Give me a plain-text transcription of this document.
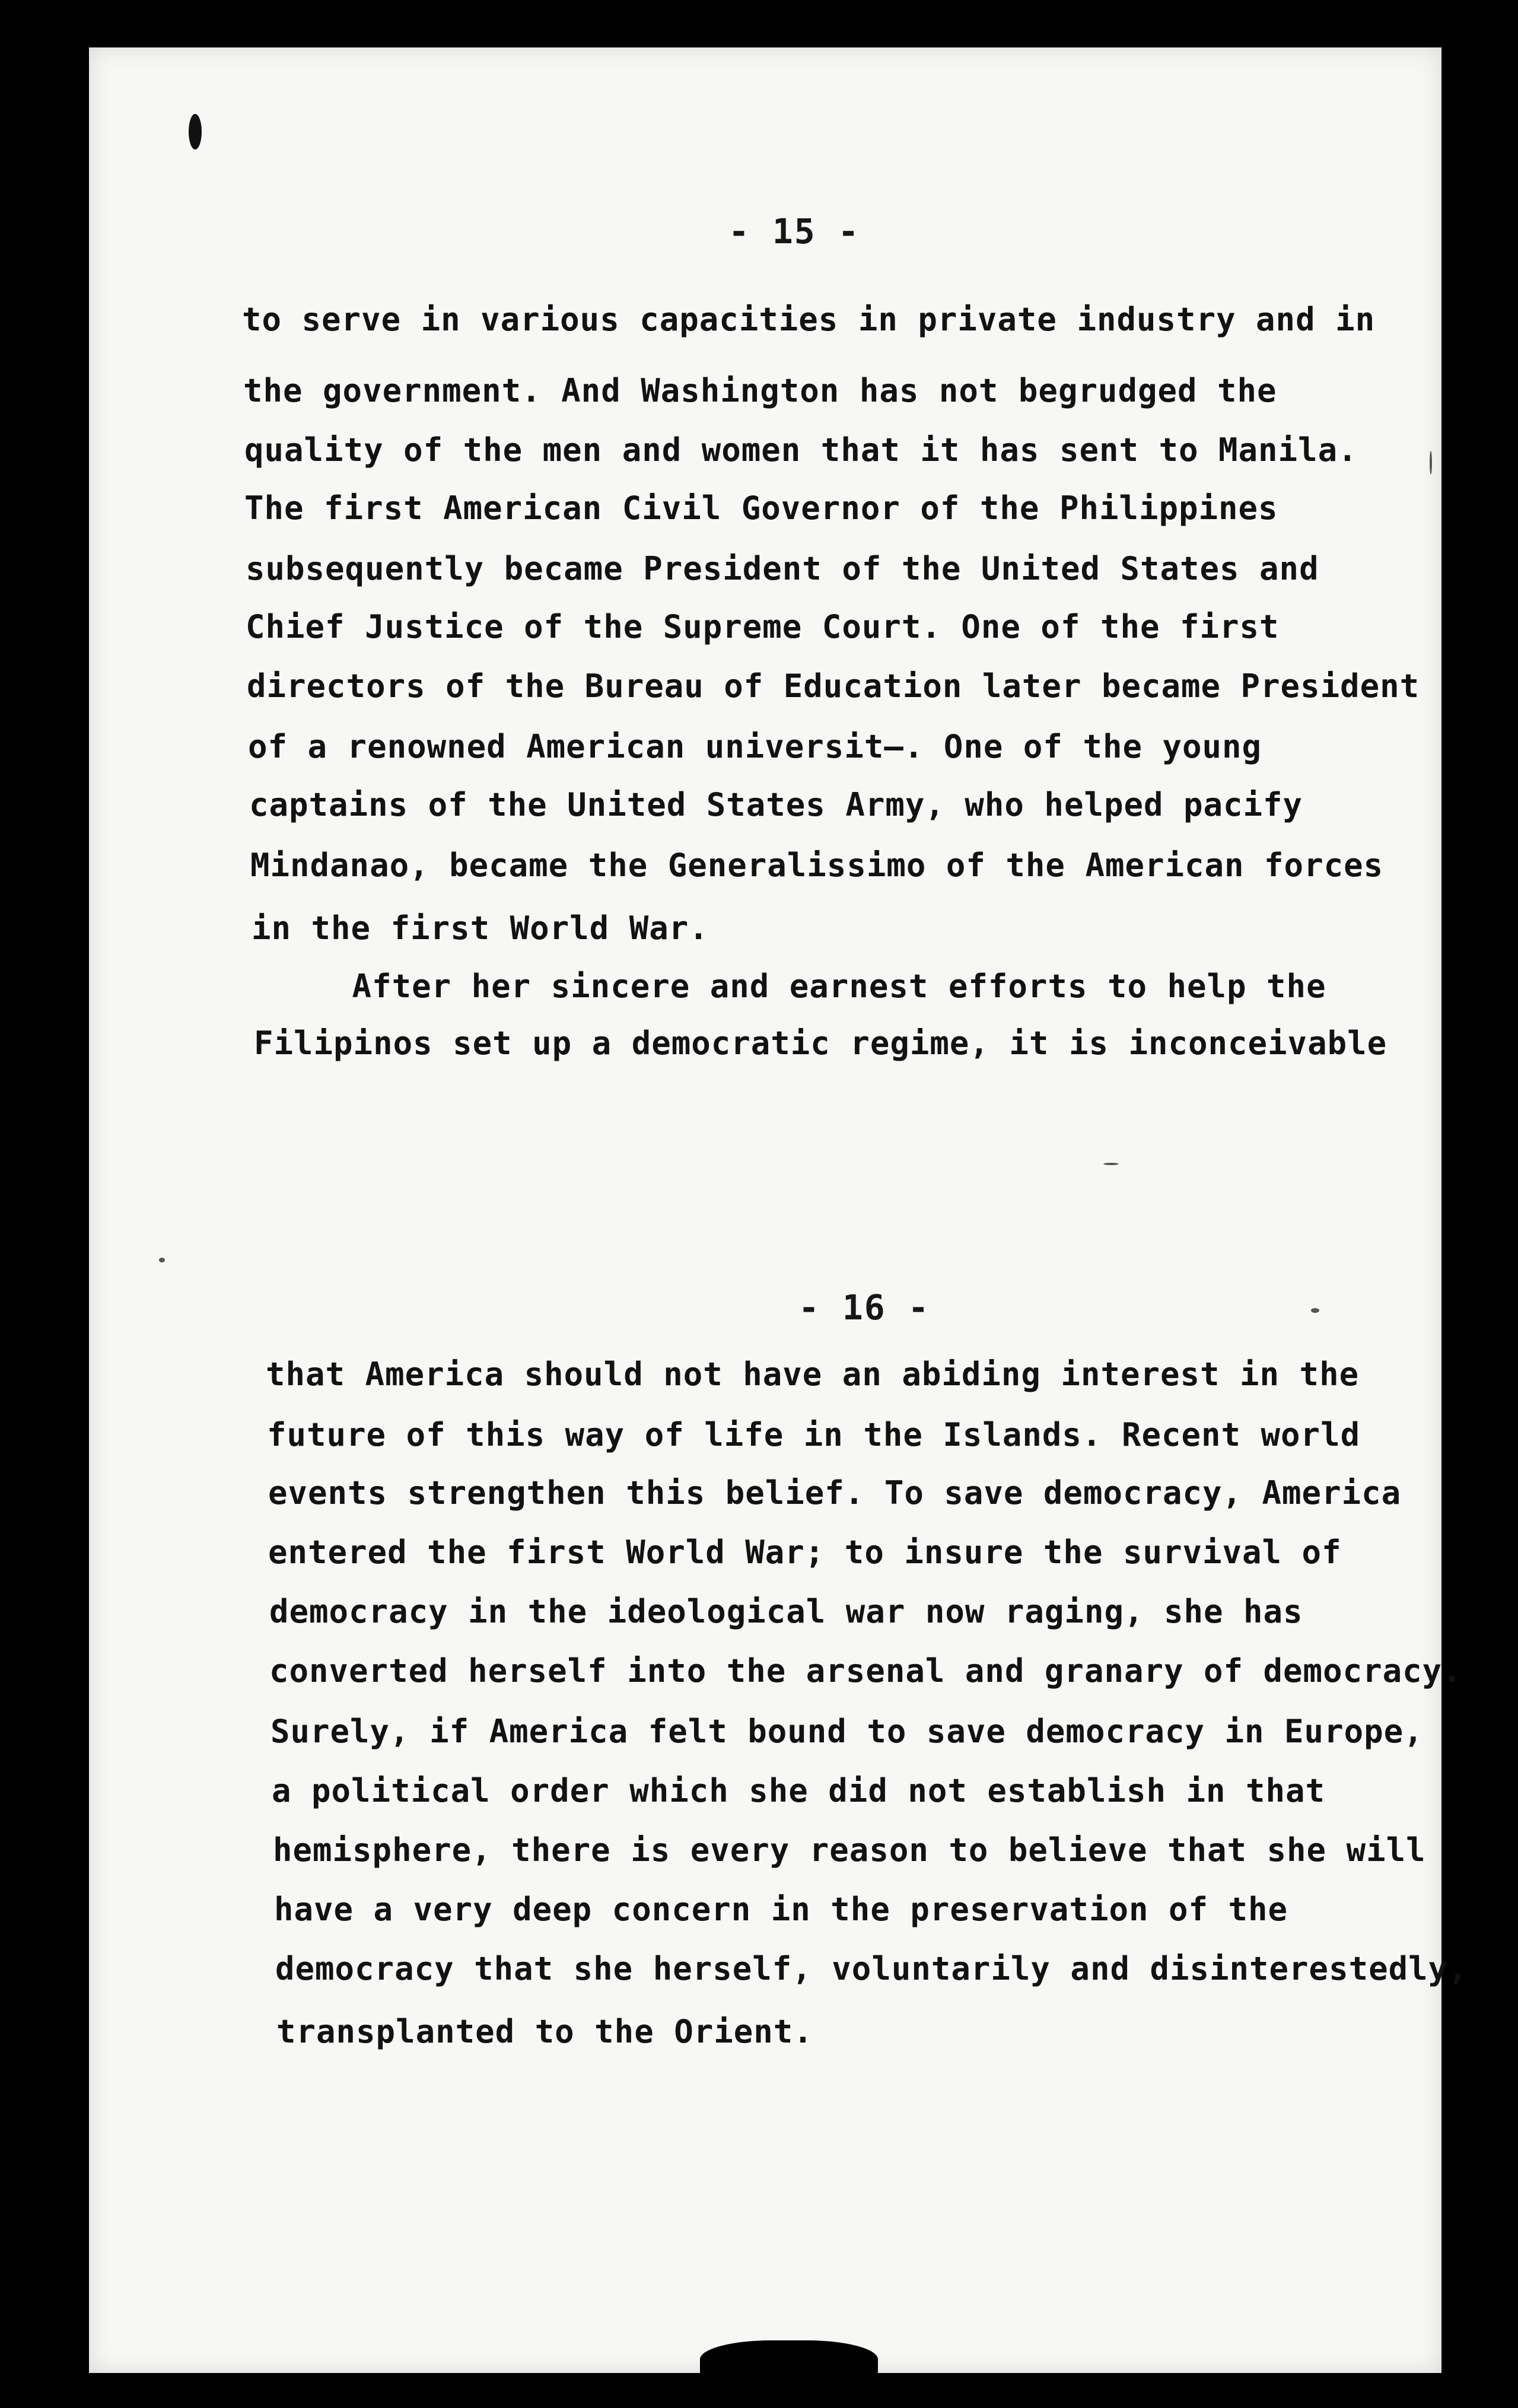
- 15 -
to serve in various capacities in private industry and in
the government. And Washington has not begrudged the
quality of the men and women that it has sent to Manila.
The first American Civil Governor of the Philippines
subsequently became President of the United States and
Chief Justice of the Supreme Court. One of the first
directors of the Bureau of Education later became President
of a renowned American universit—. One of the young
captains of the United States Army, who helped pacify
Mindanao, became the Generalissimo of the American forces
in the first World War.
After her sincere and earnest efforts to help the
Filipinos set up a democratic regime, it is inconceivable
- 16 -
that America should not have an abiding interest in the
future of this way of life in the Islands. Recent world
events strengthen this belief. To save democracy, America
entered the first World War; to insure the survival of
democracy in the ideological war now raging, she has
converted herself into the arsenal and granary of democracy.
Surely, if America felt bound to save democracy in Europe,
a political order which she did not establish in that
hemisphere, there is every reason to believe that she will
have a very deep concern in the preservation of the
democracy that she herself, voluntarily and disinterestedly,
transplanted to the Orient.
